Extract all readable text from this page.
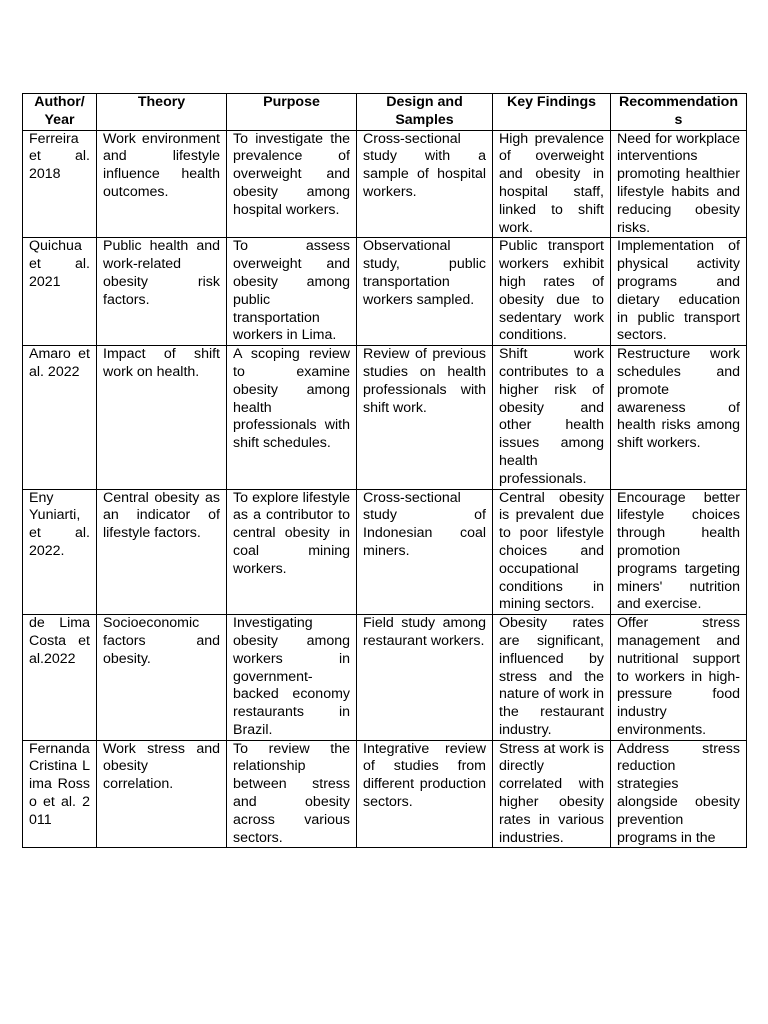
Author/ Year	Theory	Purpose	Design and Samples	Key Findings	Recommendations
Ferreira et al. 2018	Work environment and lifestyle influence health outcomes.	To investigate the prevalence of overweight and obesity among hospital workers.	Cross-sectional study with a sample of hospital workers.	High prevalence of overweight and obesity in hospital staff, linked to shift work.	Need for workplace interventions promoting healthier lifestyle habits and reducing obesity risks.
Quichua et al. 2021	Public health and work-related obesity risk factors.	To assess overweight and obesity among public transportation workers in Lima.	Observational study, public transportation workers sampled.	Public transport workers exhibit high rates of obesity due to sedentary work conditions.	Implementation of physical activity programs and dietary education in public transport sectors.
Amaro et al. 2022	Impact of shift work on health.	A scoping review to examine obesity among health professionals with shift schedules.	Review of previous studies on health professionals with shift work.	Shift work contributes to a higher risk of obesity and other health issues among health professionals.	Restructure work schedules and promote awareness of health risks among shift workers.
Eny Yuniarti, et al. 2022.	Central obesity as an indicator of lifestyle factors.	To explore lifestyle as a contributor to central obesity in coal mining workers.	Cross-sectional study of Indonesian coal miners.	Central obesity is prevalent due to poor lifestyle choices and occupational conditions in mining sectors.	Encourage better lifestyle choices through health promotion programs targeting miners' nutrition and exercise.
de Lima Costa et al.2022	Socioeconomic factors and obesity.	Investigating obesity among workers in government-backed economy restaurants in Brazil.	Field study among restaurant workers.	Obesity rates are significant, influenced by stress and the nature of work in the restaurant industry.	Offer stress management and nutritional support to workers in high-pressure food industry environments.
Fernanda Cristina Lima Rosso et al. 2011	Work stress and obesity correlation.	To review the relationship between stress and obesity across various sectors.	Integrative review of studies from different production sectors.	Stress at work is directly correlated with higher obesity rates in various industries.	Address stress reduction strategies alongside obesity prevention programs in the
